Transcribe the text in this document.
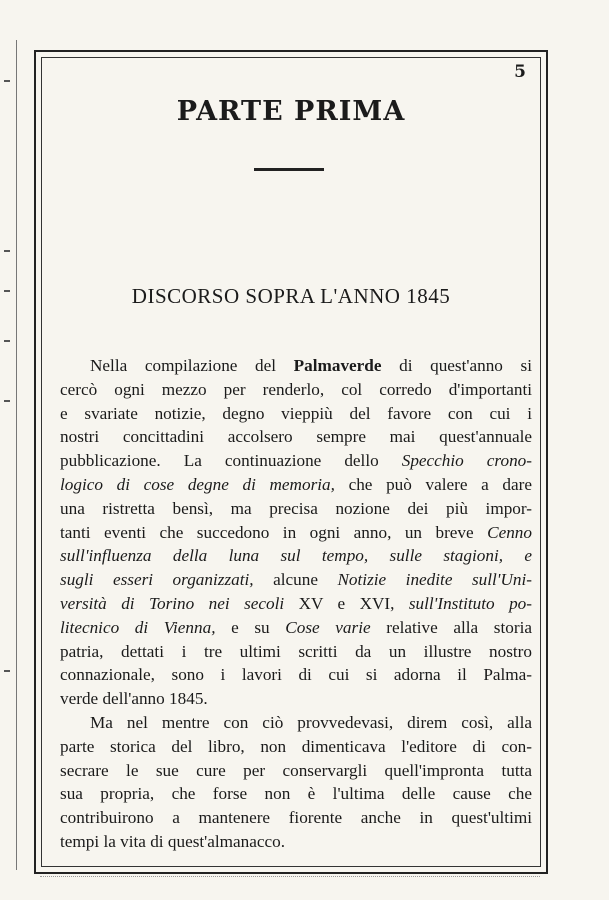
5
PARTE PRIMA
DISCORSO SOPRA L'ANNO 1845
Nella compilazione del Palmaverde di quest'anno si
cercò ogni mezzo per renderlo, col corredo d'importanti
e svariate notizie, degno vieppiù del favore con cui i
nostri concittadini accolsero sempre mai quest'annuale
pubblicazione. La continuazione dello Specchio crono-
logico di cose degne di memoria, che può valere a dare
una ristretta bensì, ma precisa nozione dei più impor-
tanti eventi che succedono in ogni anno, un breve Cenno
sull'influenza della luna sul tempo, sulle stagioni, e
sugli esseri organizzati, alcune Notizie inedite sull'Uni-
versità di Torino nei secoli XV e XVI, sull'Instituto po-
litecnico di Vienna, e su Cose varie relative alla storia
patria, dettati i tre ultimi scritti da un illustre nostro
connazionale, sono i lavori di cui si adorna il Palma-
verde dell'anno 1845.
Ma nel mentre con ciò provvedevasi, direm così, alla
parte storica del libro, non dimenticava l'editore di con-
secrare le sue cure per conservargli quell'impronta tutta
sua propria, che forse non è l'ultima delle cause che
contribuirono a mantenere fiorente anche in quest'ultimi
tempi la vita di quest'almanacco.
